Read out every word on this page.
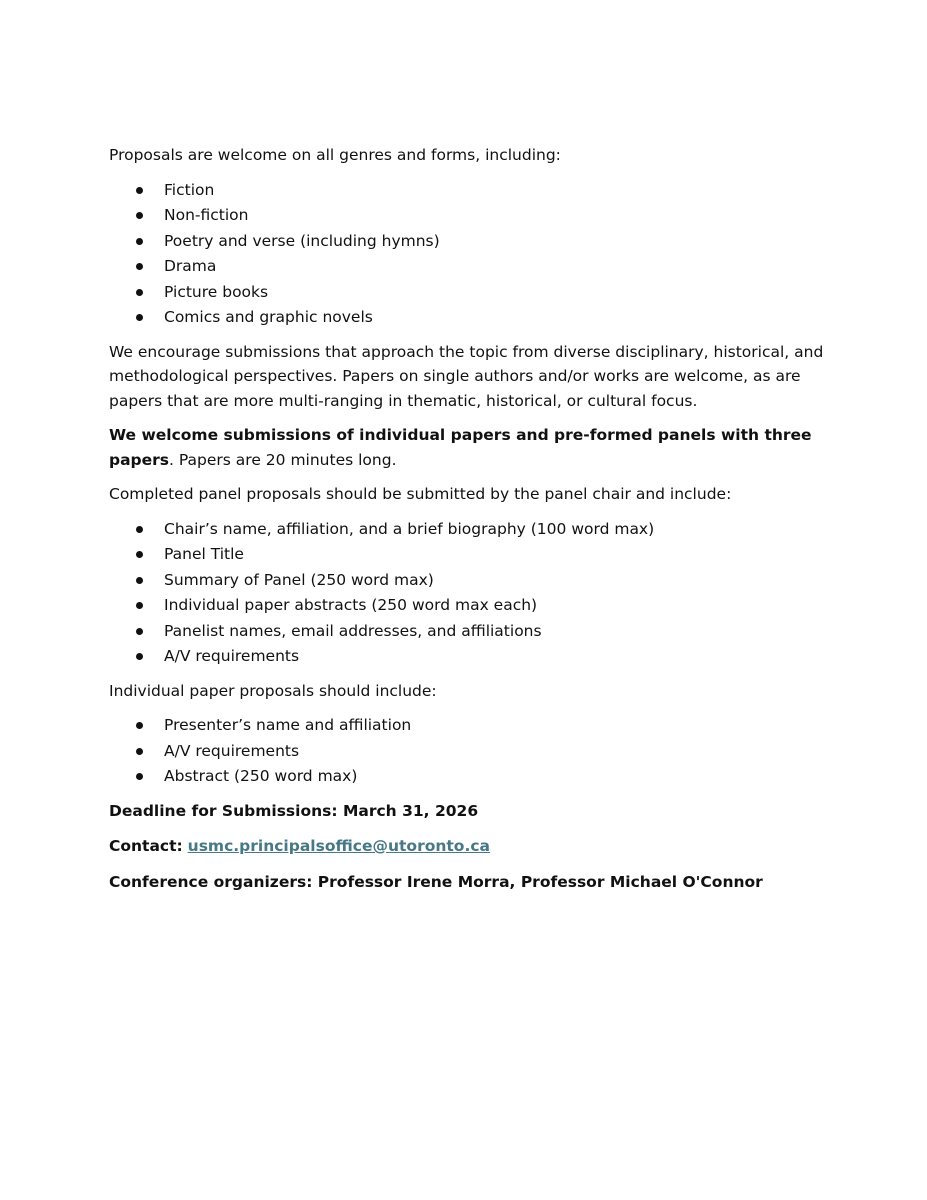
Proposals are welcome on all genres and forms, including:

Fiction
Non-fiction
Poetry and verse (including hymns)
Drama
Picture books
Comics and graphic novels

We encourage submissions that approach the topic from diverse disciplinary, historical, and methodological perspectives. Papers on single authors and/or works are welcome, as are papers that are more multi-ranging in thematic, historical, or cultural focus.

We welcome submissions of individual papers and pre-formed panels with three papers. Papers are 20 minutes long.

Completed panel proposals should be submitted by the panel chair and include:

Chair’s name, affiliation, and a brief biography (100 word max)
Panel Title
Summary of Panel (250 word max)
Individual paper abstracts (250 word max each)
Panelist names, email addresses, and affiliations
A/V requirements

Individual paper proposals should include:

Presenter’s name and affiliation
A/V requirements
Abstract (250 word max)

Deadline for Submissions: March 31, 2026

Contact: usmc.principalsoffice@utoronto.ca

Conference organizers: Professor Irene Morra, Professor Michael O'Connor
